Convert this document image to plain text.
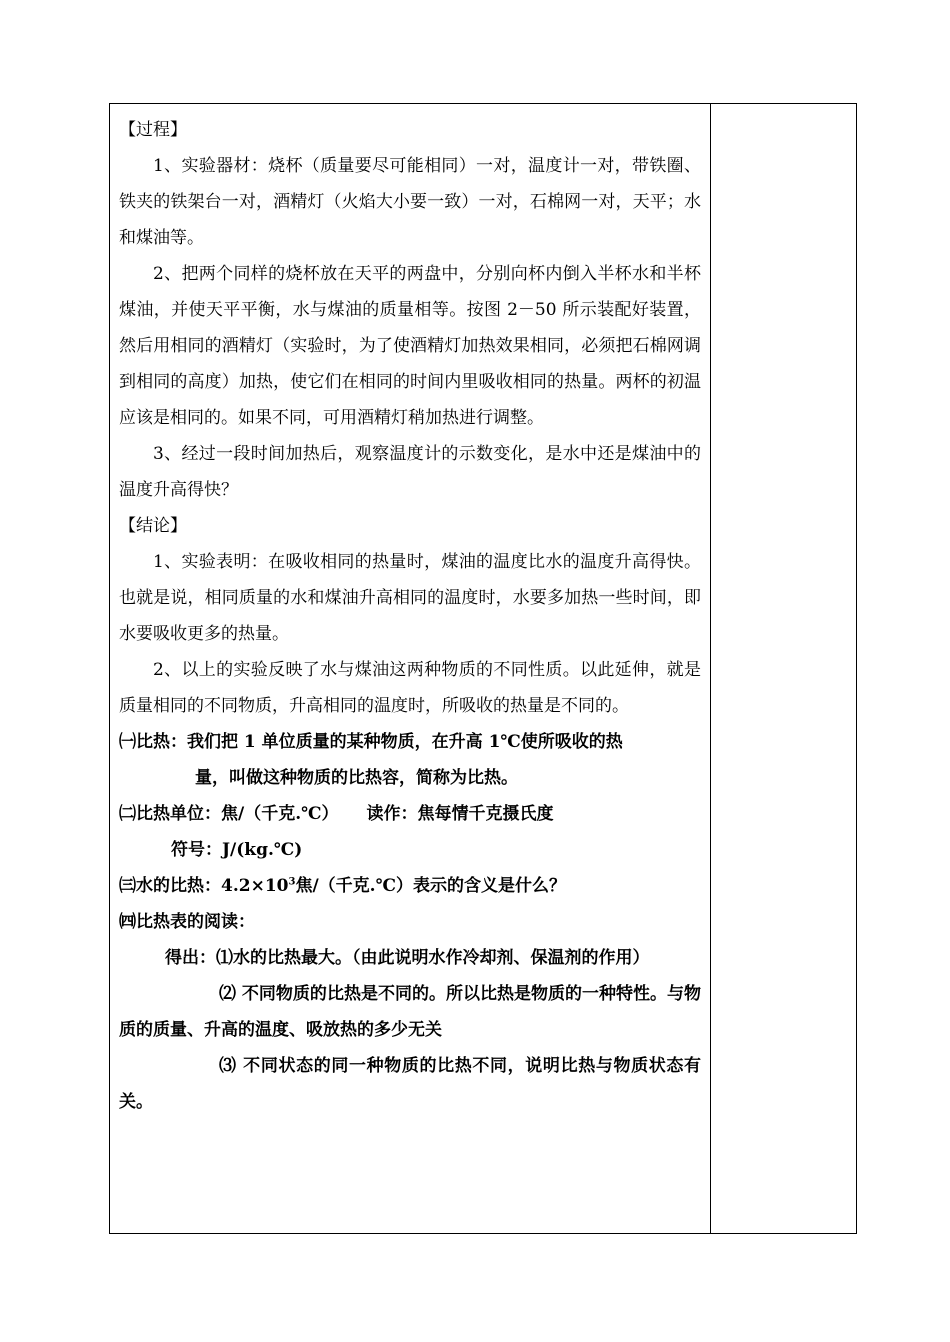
【过程】

1、实验器材：烧杯（质量要尽可能相同）一对，温度计一对，带铁圈、铁夹的铁架台一对，酒精灯（火焰大小要一致）一对，石棉网一对，天平；水和煤油等。

2、把两个同样的烧杯放在天平的两盘中，分别向杯内倒入半杯水和半杯煤油，并使天平平衡，水与煤油的质量相等。按图 2－50 所示装配好装置，然后用相同的酒精灯（实验时，为了使酒精灯加热效果相同，必须把石棉网调到相同的高度）加热，使它们在相同的时间内里吸收相同的热量。两杯的初温应该是相同的。如果不同，可用酒精灯稍加热进行调整。

3、经过一段时间加热后，观察温度计的示数变化，是水中还是煤油中的温度升高得快？

【结论】

1、实验表明：在吸收相同的热量时，煤油的温度比水的温度升高得快。也就是说，相同质量的水和煤油升高相同的温度时，水要多加热一些时间，即水要吸收更多的热量。

2、以上的实验反映了水与煤油这两种物质的不同性质。以此延伸，就是质量相同的不同物质，升高相同的温度时，所吸收的热量是不同的。

㈠比热：我们把 1 单位质量的某种物质，在升高 1℃使所吸收的热

量，叫做这种物质的比热容，简称为比热。

㈡比热单位：焦/（千克.℃） 读作：焦每情千克摄氏度

符号：J/(kg.℃)

㈢水的比热：$4.2\times 10^3$焦/（千克.℃）表示的含义是什么？

㈣比热表的阅读：

得出：⑴水的比热最大。（由此说明水作冷却剂、保温剂的作用）

⑵ 不同物质的比热是不同的。所以比热是物质的一种特性。与物质的质量、升高的温度、吸放热的多少无关

⑶ 不同状态的同一种物质的比热不同，说明比热与物质状态有关。
